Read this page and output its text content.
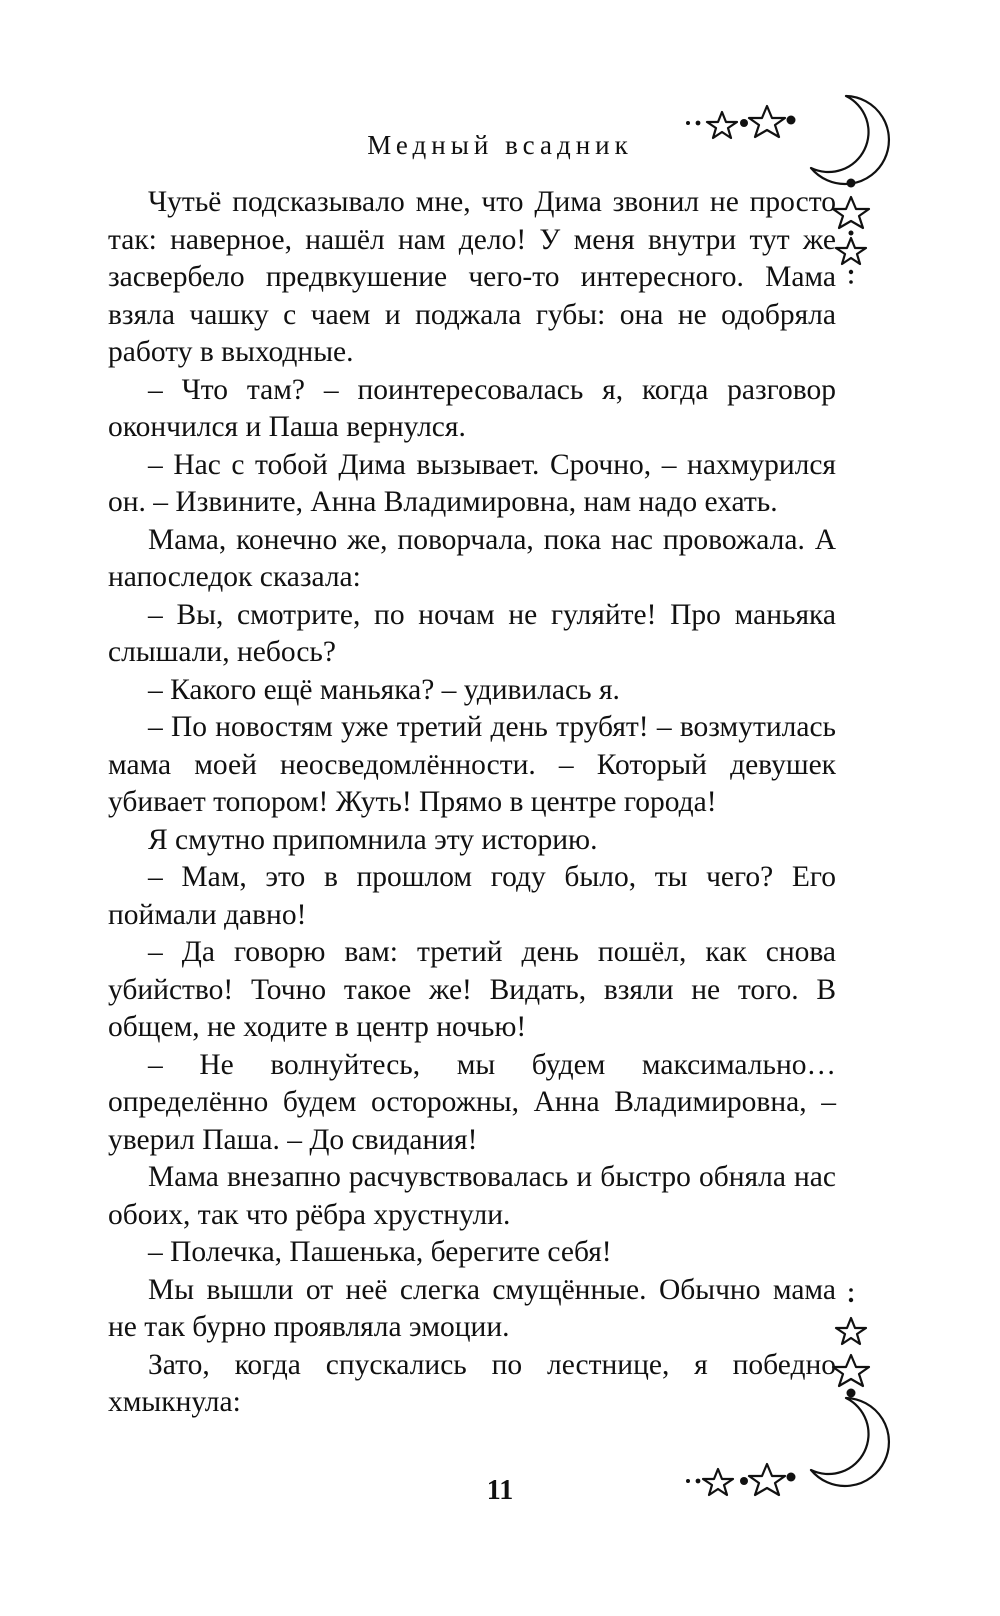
Медный всадник

Чутьё подсказывало мне, что Дима звонил не просто так: наверное, нашёл нам дело! У меня внутри тут же засвербело предвкушение чего-то интересного. Мама взяла чашку с чаем и поджала губы: она не одобряла работу в выходные.

– Что там? – поинтересовалась я, когда разговор окончился и Паша вернулся.

– Нас с тобой Дима вызывает. Срочно, – нахмурился он. – Извините, Анна Владимировна, нам надо ехать.

Мама, конечно же, поворчала, пока нас провожала. А напоследок сказала:

– Вы, смотрите, по ночам не гуляйте! Про маньяка слышали, небось?

– Какого ещё маньяка? – удивилась я.

– По новостям уже третий день трубят! – возмутилась мама моей неосведомлённости. – Который девушек убивает топором! Жуть! Прямо в центре города!

Я смутно припомнила эту историю.

– Мам, это в прошлом году было, ты чего? Его поймали давно!

– Да говорю вам: третий день пошёл, как снова убийство! Точно такое же! Видать, взяли не того. В общем, не ходите в центр ночью!

– Не волнуйтесь, мы будем максимально… определённо будем осторожны, Анна Владимировна, – уверил Паша. – До свидания!

Мама внезапно расчувствовалась и быстро обняла нас обоих, так что рёбра хрустнули.

– Полечка, Пашенька, берегите себя!

Мы вышли от неё слегка смущённые. Обычно мама не так бурно проявляла эмоции.

Зато, когда спускались по лестнице, я победно хмыкнула:

11
